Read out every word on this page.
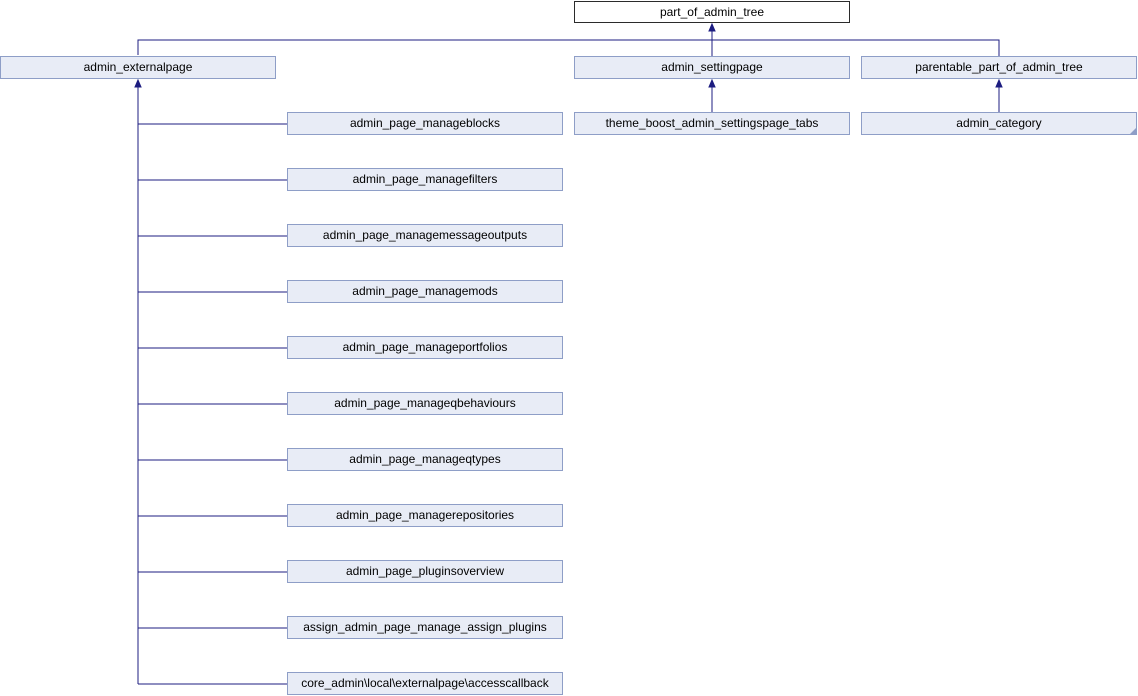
part_of_admin_tree
admin_externalpage	admin_settingpage	parentable_part_of_admin_tree
theme_boost_admin_settingspage_tabs	admin_category
admin_page_manageblocks
admin_page_managefilters
admin_page_managemessageoutputs
admin_page_managemods
admin_page_manageportfolios
admin_page_manageqbehaviours
admin_page_manageqtypes
admin_page_managerepositories
admin_page_pluginsoverview
assign_admin_page_manage_assign_plugins
core_admin\local\externalpage\accesscallback
